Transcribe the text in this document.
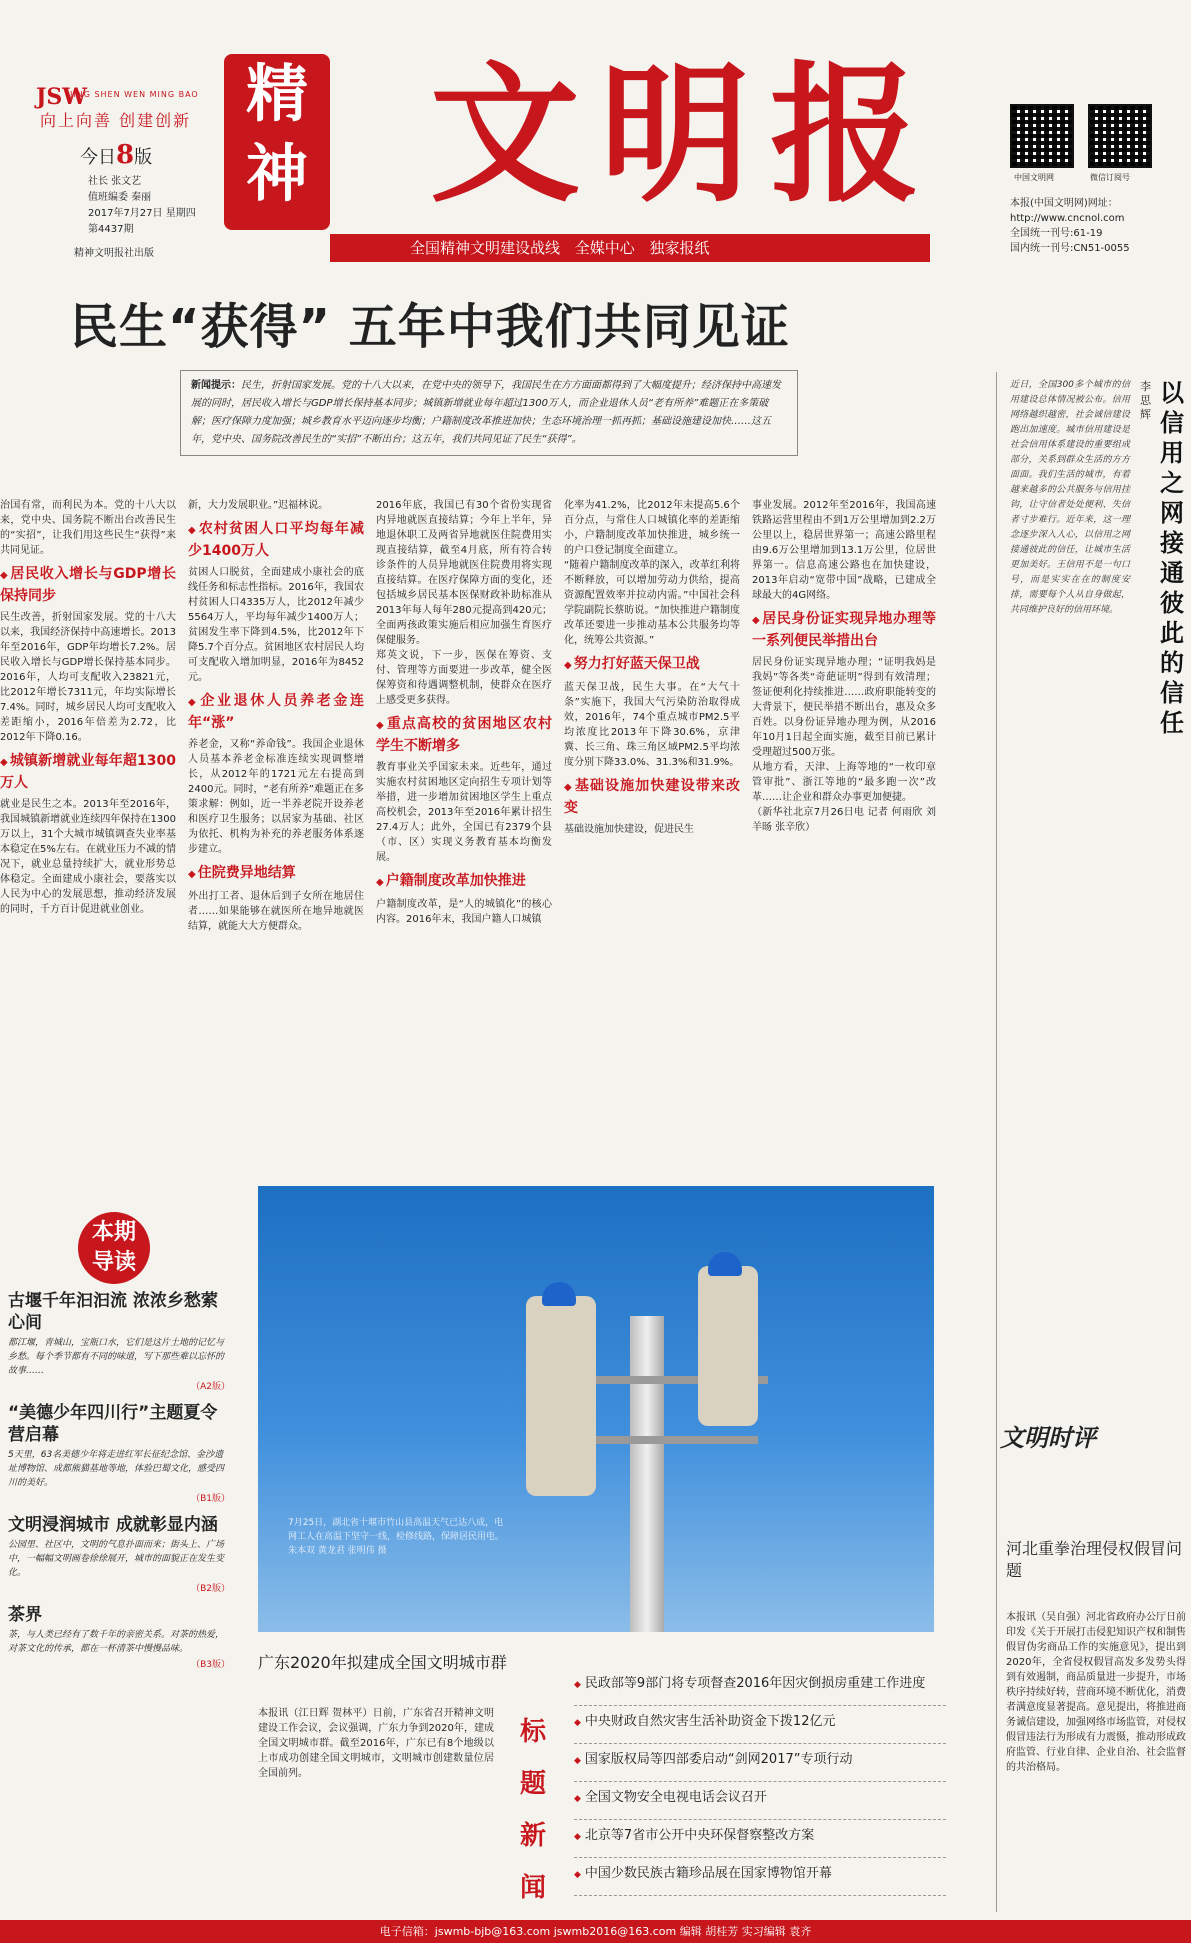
JSW
JING SHEN WEN MING BAO
向上向善 创建创新
今日8版
社长 张文艺
值班编委 秦丽
2017年7月27日 星期四
第4437期
精神文明报社出版
精
神 文明报
全国精神文明建设战线 全媒中心 独家报纸
中国文明网	微信订阅号
本报(中国文明网)网址：
http://www.cncnol.com
全国统一刊号:61-19
国内统一刊号:CN51-0055
民生“获得” 五年中我们共同见证
新闻提示：民生，折射国家发展。党的十八大以来，在党中央的领导下，我国民生在方方面面都得到了大幅度提升；经济保持中高速发展的同时，居民收入增长与GDP增长保持基本同步；城镇新增就业每年超过1300万人，而企业退休人员“老有所养”难题正在多策破解；医疗保障力度加强；城乡教育水平迈向逐步均衡；户籍制度改革推进加快；生态环境治理一抓再抓；基础设施建设加快……这五年，党中央、国务院改善民生的“实招”不断出台；这五年，我们共同见证了民生“获得”。

治国有常，而利民为本。党的十八大以来，党中央、国务院不断出台改善民生的“实招”，让我们用这些民生“获得”来共同见证。

◆ 居民收入增长与GDP增长保持同步

民生改善，折射国家发展。党的十八大以来，我国经济保持中高速增长。2013年至2016年，GDP年均增长7.2%。居民收入增长与GDP增长保持基本同步。2016年，人均可支配收入23821元，比2012年增长7311元，年均实际增长7.4%。同时，城乡居民人均可支配收入差距缩小，2016年倍差为2.72，比2012年下降0.16。

◆ 城镇新增就业每年超1300万人

就业是民生之本。2013年至2016年，我国城镇新增就业连续四年保持在1300万以上，31个大城市城镇调查失业率基本稳定在5%左右。在就业压力不减的情况下，就业总量持续扩大，就业形势总体稳定。全面建成小康社会，要落实以人民为中心的发展思想，推动经济发展的同时，千方百计促进就业创业。

新，大力发展职业。”迟福林说。

◆ 农村贫困人口平均每年减少1400万人

贫困人口脱贫，全面建成小康社会的底线任务和标志性指标。2016年，我国农村贫困人口4335万人，比2012年减少5564万人，平均每年减少1400万人；贫困发生率下降到4.5%，比2012年下降5.7个百分点。贫困地区农村居民人均可支配收入增加明显，2016年为8452元。

◆ 企业退休人员养老金连年“涨”

养老金，又称“养命钱”。我国企业退休人员基本养老金标准连续实现调整增长，从2012年的1721元左右提高到2400元。同时，“老有所养”难题正在多策求解：例如，近一半养老院开设养老和医疗卫生服务；以居家为基础、社区为依托、机构为补充的养老服务体系逐步建立。

◆ 住院费异地结算

外出打工者、退休后到子女所在地居住者……如果能够在就医所在地异地就医结算，就能大大方便群众。

2016年底，我国已有30个省份实现省内异地就医直接结算；今年上半年，异地退休职工及两省异地就医住院费用实现直接结算，截至4月底，所有符合转诊条件的人员异地就医住院费用将实现直接结算。在医疗保障方面的变化，还包括城乡居民基本医保财政补助标准从2013年每人每年280元提高到420元；全面两孩政策实施后相应加强生育医疗保健服务。

郑英文说，下一步，医保在筹资、支付、管理等方面要进一步改革，健全医保筹资和待遇调整机制，使群众在医疗上感受更多获得。

◆ 重点高校的贫困地区农村学生不断增多

教育事业关乎国家未来。近些年，通过实施农村贫困地区定向招生专项计划等举措，进一步增加贫困地区学生上重点高校机会，2013年至2016年累计招生27.4万人；此外，全国已有2379个县（市、区）实现义务教育基本均衡发展。

◆ 户籍制度改革加快推进

户籍制度改革，是“人的城镇化”的核心内容。2016年末，我国户籍人口城镇

化率为41.2%，比2012年末提高5.6个百分点，与常住人口城镇化率的差距缩小，户籍制度改革加快推进，城乡统一的户口登记制度全面建立。

“随着户籍制度改革的深入，改革红利将不断释放，可以增加劳动力供给，提高资源配置效率并拉动内需。”中国社会科学院副院长蔡昉说。“加快推进户籍制度改革还要进一步推动基本公共服务均等化，统筹公共资源。”

◆ 努力打好蓝天保卫战

蓝天保卫战，民生大事。在“大气十条”实施下，我国大气污染防治取得成效，2016年，74个重点城市PM2.5平均浓度比2013年下降30.6%，京津冀、长三角、珠三角区域PM2.5平均浓度分别下降33.0%、31.3%和31.9%。

◆ 基础设施加快建设带来改变

基础设施加快建设，促进民生

事业发展。2012年至2016年，我国高速铁路运营里程由不到1万公里增加到2.2万公里以上，稳居世界第一；高速公路里程由9.6万公里增加到13.1万公里，位居世界第一。信息高速公路也在加快建设，2013年启动“宽带中国”战略，已建成全球最大的4G网络。

◆ 居民身份证实现异地办理等一系列便民举措出台

居民身份证实现异地办理；“证明我妈是我妈”等各类“奇葩证明”得到有效清理；签证便利化持续推进……政府职能转变的大背景下，便民举措不断出台，惠及众多百姓。以身份证异地办理为例，从2016年10月1日起全面实施，截至目前已累计受理超过500万张。

从地方看，天津、上海等地的“一枚印章管审批”、浙江等地的“最多跑一次”改革……让企业和群众办事更加便捷。

（新华社北京7月26日电 记者 何雨欣 刘羊旸 张辛欣）

以信用之网接通彼此的信任
李思辉
近日，全国300多个城市的信用建设总体情况被公布。信用网络越织越密，社会诚信建设跑出加速度。城市信用建设是社会信用体系建设的重要组成部分，关系到群众生活的方方面面。我们生活的城市，有着越来越多的公共服务与信用挂钩，让守信者处处便利、失信者寸步难行。近年来，这一理念逐步深入人心，以信用之网接通彼此的信任，让城市生活更加美好。王信用不是一句口号，而是实实在在的制度安排，需要每个人从自身做起，共同维护良好的信用环境。
文明时评
河北重拳治理侵权假冒问题
本报讯（吴自强）河北省政府办公厅日前印发《关于开展打击侵犯知识产权和制售假冒伪劣商品工作的实施意见》，提出到2020年，全省侵权假冒高发多发势头得到有效遏制，商品质量进一步提升，市场秩序持续好转，营商环境不断优化，消费者满意度显著提高。意见提出，将推进商务诚信建设，加强网络市场监管，对侵权假冒违法行为形成有力震慑，推动形成政府监管、行业自律、企业自治、社会监督的共治格局。
本期
导读
古堰千年汩汩流 浓浓乡愁萦心间

都江堰，青城山，宝瓶口水，它们是这片土地的记忆与乡愁。每个季节都有不同的味道，写下那些难以忘怀的故事……

（A2版）

“美德少年四川行”主题夏令营启幕

5天里，63名美德少年将走进红军长征纪念馆、金沙遗址博物馆、成都熊猫基地等地，体验巴蜀文化，感受四川的美好。

（B1版）

文明浸润城市 成就彰显内涵

公园里、社区中，文明的气息扑面而来；街头上、广场中，一幅幅文明画卷徐徐展开，城市的面貌正在发生变化。

（B2版）

茶界

茶，与人类已经有了数千年的亲密关系。对茶的热爱，对茶文化的传承，都在一杯清茶中慢慢品味。

（B3版）

7月25日，湖北省十堰市竹山县高温天气已达八成，电网工人在高温下坚守一线，检修线路，保障居民用电。
朱本双 黄龙君 张明伟 摄
广东2020年拟建成全国文明城市群
本报讯（江日辉 贺林平）日前，广东省召开精神文明建设工作会议，会议强调，广东力争到2020年，建成全国文明城市群。截至2016年，广东已有8个地级以上市成功创建全国文明城市，文明城市创建数量位居全国前列。
标
题
新
闻
◆ 民政部等9部门将专项督查2016年因灾倒损房重建工作进度
◆ 中央财政自然灾害生活补助资金下拨12亿元
◆ 国家版权局等四部委启动“剑网2017”专项行动
◆ 全国文物安全电视电话会议召开
◆ 北京等7省市公开中央环保督察整改方案
◆ 中国少数民族古籍珍品展在国家博物馆开幕
电子信箱：jswmb-bjb@163.com jswmb2016@163.com 编辑 胡桂芳 实习编辑 袁齐
